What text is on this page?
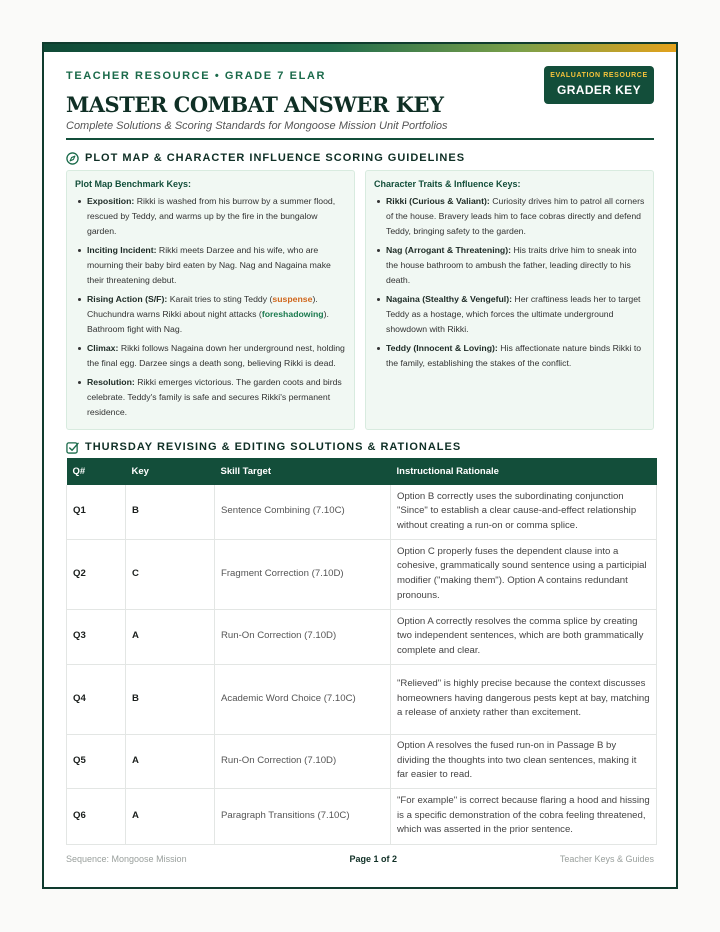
TEACHER RESOURCE • GRADE 7 ELAR
MASTER COMBAT ANSWER KEY
Complete Solutions & Scoring Standards for Mongoose Mission Unit Portfolios
EVALUATION RESOURCE
GRADER KEY
PLOT MAP & CHARACTER INFLUENCE SCORING GUIDELINES
Plot Map Benchmark Keys:
Exposition: Rikki is washed from his burrow by a summer flood, rescued by Teddy, and warms up by the fire in the bungalow garden.
Inciting Incident: Rikki meets Darzee and his wife, who are mourning their baby bird eaten by Nag. Nag and Nagaina make their threatening debut.
Rising Action (S/F): Karait tries to sting Teddy (suspense). Chuchundra warns Rikki about night attacks (foreshadowing). Bathroom fight with Nag.
Climax: Rikki follows Nagaina down her underground nest, holding the final egg. Darzee sings a death song, believing Rikki is dead.
Resolution: Rikki emerges victorious. The garden coots and birds celebrate. Teddy's family is safe and secures Rikki's permanent residence.
Character Traits & Influence Keys:
Rikki (Curious & Valiant): Curiosity drives him to patrol all corners of the house. Bravery leads him to face cobras directly and defend Teddy, bringing safety to the garden.
Nag (Arrogant & Threatening): His traits drive him to sneak into the house bathroom to ambush the father, leading directly to his death.
Nagaina (Stealthy & Vengeful): Her craftiness leads her to target Teddy as a hostage, which forces the ultimate underground showdown with Rikki.
Teddy (Innocent & Loving): His affectionate nature binds Rikki to the family, establishing the stakes of the conflict.
THURSDAY REVISING & EDITING SOLUTIONS & RATIONALES
Q#	Key	Skill Target	Instructional Rationale
Q1	B	Sentence Combining (7.10C)	Option B correctly uses the subordinating conjunction "Since" to establish a clear cause-and-effect relationship without creating a run-on or comma splice.
Q2	C	Fragment Correction (7.10D)	Option C properly fuses the dependent clause into a cohesive, grammatically sound sentence using a participial modifier ("making them"). Option A contains redundant pronouns.
Q3	A	Run-On Correction (7.10D)	Option A correctly resolves the comma splice by creating two independent sentences, which are both grammatically complete and clear.
Q4	B	Academic Word Choice (7.10C)	"Relieved" is highly precise because the context discusses homeowners having dangerous pests kept at bay, matching a release of anxiety rather than excitement.
Q5	A	Run-On Correction (7.10D)	Option A resolves the fused run-on in Passage B by dividing the thoughts into two clean sentences, making it far easier to read.
Q6	A	Paragraph Transitions (7.10C)	"For example" is correct because flaring a hood and hissing is a specific demonstration of the cobra feeling threatened, which was asserted in the prior sentence.
Sequence: Mongoose Mission	Page 1 of 2	Teacher Keys & Guides
